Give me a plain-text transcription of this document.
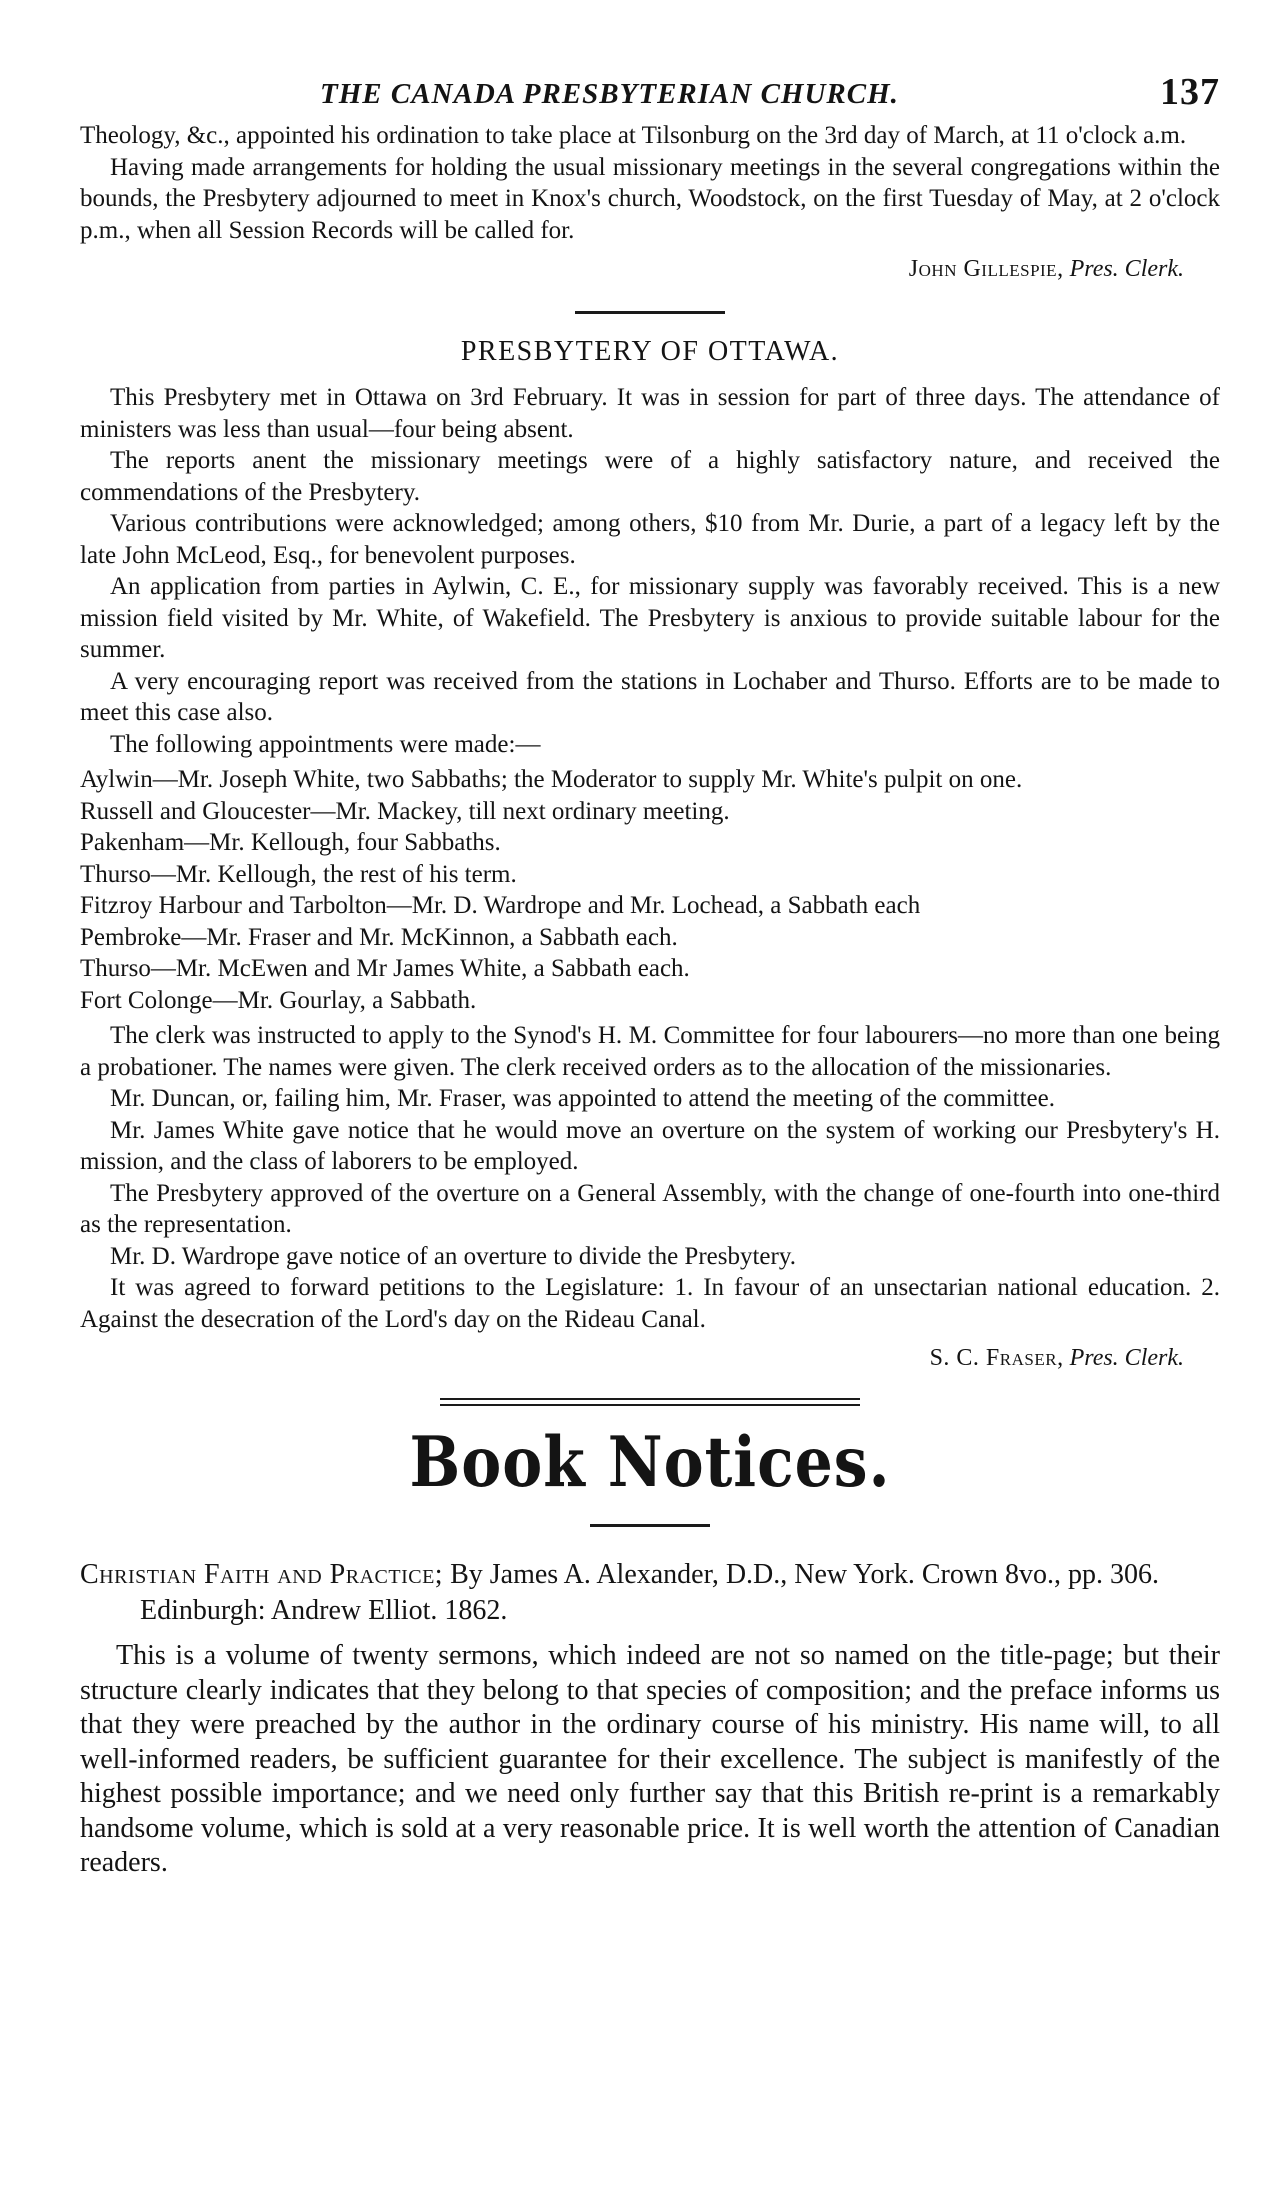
THE CANADA PRESBYTERIAN CHURCH.	137

Theology, &c., appointed his ordination to take place at Tilsonburg on the 3rd day of March, at 11 o'clock a.m.

Having made arrangements for holding the usual missionary meetings in the several congregations within the bounds, the Presbytery adjourned to meet in Knox's church, Woodstock, on the first Tuesday of May, at 2 o'clock p.m., when all Session Records will be called for.

John Gillespie, Pres. Clerk.
PRESBYTERY OF OTTAWA.

This Presbytery met in Ottawa on 3rd February. It was in session for part of three days. The attendance of ministers was less than usual—four being absent.

The reports anent the missionary meetings were of a highly satisfactory nature, and received the commendations of the Presbytery.

Various contributions were acknowledged; among others, $10 from Mr. Durie, a part of a legacy left by the late John McLeod, Esq., for benevolent purposes.

An application from parties in Aylwin, C. E., for missionary supply was favorably received. This is a new mission field visited by Mr. White, of Wakefield. The Presbytery is anxious to provide suitable labour for the summer.

A very encouraging report was received from the stations in Lochaber and Thurso. Efforts are to be made to meet this case also.

The following appointments were made:—

Aylwin—Mr. Joseph White, two Sabbaths; the Moderator to supply Mr. White's pulpit on one.
Russell and Gloucester—Mr. Mackey, till next ordinary meeting.
Pakenham—Mr. Kellough, four Sabbaths.
Thurso—Mr. Kellough, the rest of his term.
Fitzroy Harbour and Tarbolton—Mr. D. Wardrope and Mr. Lochead, a Sabbath each
Pembroke—Mr. Fraser and Mr. McKinnon, a Sabbath each.
Thurso—Mr. McEwen and Mr James White, a Sabbath each.
Fort Colonge—Mr. Gourlay, a Sabbath.

The clerk was instructed to apply to the Synod's H. M. Committee for four labourers—no more than one being a probationer. The names were given. The clerk received orders as to the allocation of the missionaries.

Mr. Duncan, or, failing him, Mr. Fraser, was appointed to attend the meeting of the committee.

Mr. James White gave notice that he would move an overture on the system of working our Presbytery's H. mission, and the class of laborers to be employed.

The Presbytery approved of the overture on a General Assembly, with the change of one-fourth into one-third as the representation.

Mr. D. Wardrope gave notice of an overture to divide the Presbytery.

It was agreed to forward petitions to the Legislature: 1. In favour of an unsectarian national education. 2. Against the desecration of the Lord's day on the Rideau Canal.

S. C. Fraser, Pres. Clerk.
Book Notices.
Christian Faith and Practice; By James A. Alexander, D.D., New York. Crown 8vo., pp. 306. Edinburgh: Andrew Elliot. 1862.

This is a volume of twenty sermons, which indeed are not so named on the title-page; but their structure clearly indicates that they belong to that species of composition; and the preface informs us that they were preached by the author in the ordinary course of his ministry. His name will, to all well-informed readers, be sufficient guarantee for their excellence. The subject is manifestly of the highest possible importance; and we need only further say that this British re-print is a remarkably handsome volume, which is sold at a very reasonable price. It is well worth the attention of Canadian readers.
